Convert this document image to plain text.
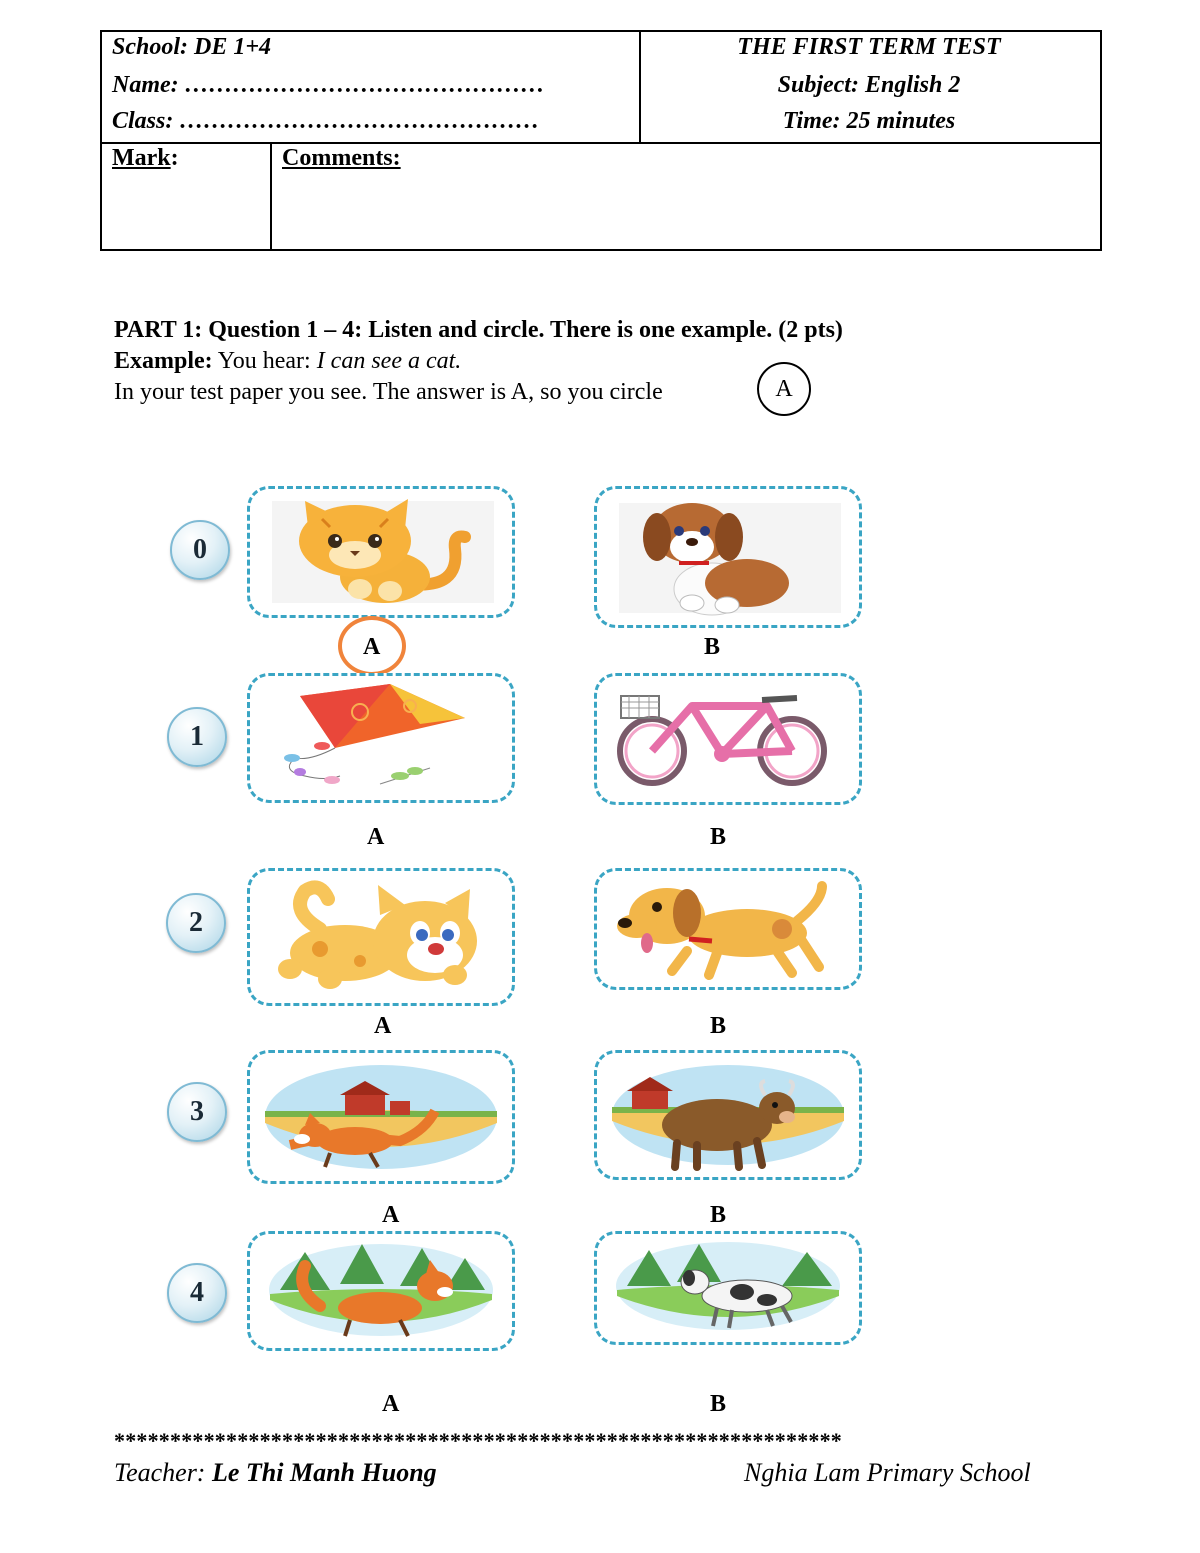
School: DE 1+4
Name: ………………………………………
Class: ………………………………………
THE FIRST TERM TEST
Subject: English 2
Time: 25 minutes
Mark:	Comments:
PART 1: Question 1 – 4: Listen and circle. There is one example. (2 pts)
Example: You hear: I can see a cat.
In your test paper you see. The answer is A, so you circle	A
0
1
2
3
4
A	B
A	B
A	B
A	B
A	B
*****************************************************************
Teacher: Le Thi Manh Huong	Nghia Lam Primary School
